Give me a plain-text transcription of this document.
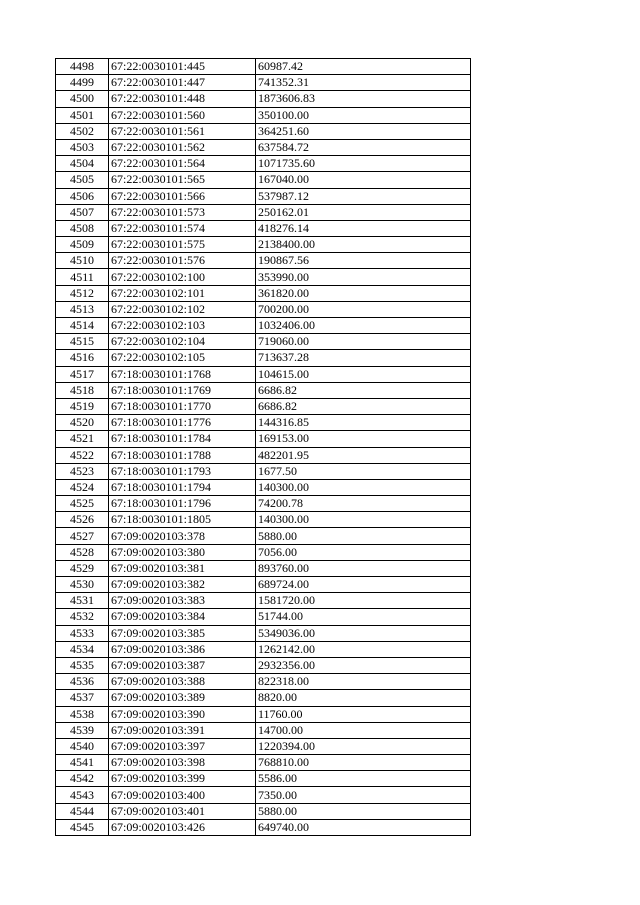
4498	67:22:0030101:445	60987.42
4499	67:22:0030101:447	741352.31
4500	67:22:0030101:448	1873606.83
4501	67:22:0030101:560	350100.00
4502	67:22:0030101:561	364251.60
4503	67:22:0030101:562	637584.72
4504	67:22:0030101:564	1071735.60
4505	67:22:0030101:565	167040.00
4506	67:22:0030101:566	537987.12
4507	67:22:0030101:573	250162.01
4508	67:22:0030101:574	418276.14
4509	67:22:0030101:575	2138400.00
4510	67:22:0030101:576	190867.56
4511	67:22:0030102:100	353990.00
4512	67:22:0030102:101	361820.00
4513	67:22:0030102:102	700200.00
4514	67:22:0030102:103	1032406.00
4515	67:22:0030102:104	719060.00
4516	67:22:0030102:105	713637.28
4517	67:18:0030101:1768	104615.00
4518	67:18:0030101:1769	6686.82
4519	67:18:0030101:1770	6686.82
4520	67:18:0030101:1776	144316.85
4521	67:18:0030101:1784	169153.00
4522	67:18:0030101:1788	482201.95
4523	67:18:0030101:1793	1677.50
4524	67:18:0030101:1794	140300.00
4525	67:18:0030101:1796	74200.78
4526	67:18:0030101:1805	140300.00
4527	67:09:0020103:378	5880.00
4528	67:09:0020103:380	7056.00
4529	67:09:0020103:381	893760.00
4530	67:09:0020103:382	689724.00
4531	67:09:0020103:383	1581720.00
4532	67:09:0020103:384	51744.00
4533	67:09:0020103:385	5349036.00
4534	67:09:0020103:386	1262142.00
4535	67:09:0020103:387	2932356.00
4536	67:09:0020103:388	822318.00
4537	67:09:0020103:389	8820.00
4538	67:09:0020103:390	11760.00
4539	67:09:0020103:391	14700.00
4540	67:09:0020103:397	1220394.00
4541	67:09:0020103:398	768810.00
4542	67:09:0020103:399	5586.00
4543	67:09:0020103:400	7350.00
4544	67:09:0020103:401	5880.00
4545	67:09:0020103:426	649740.00
